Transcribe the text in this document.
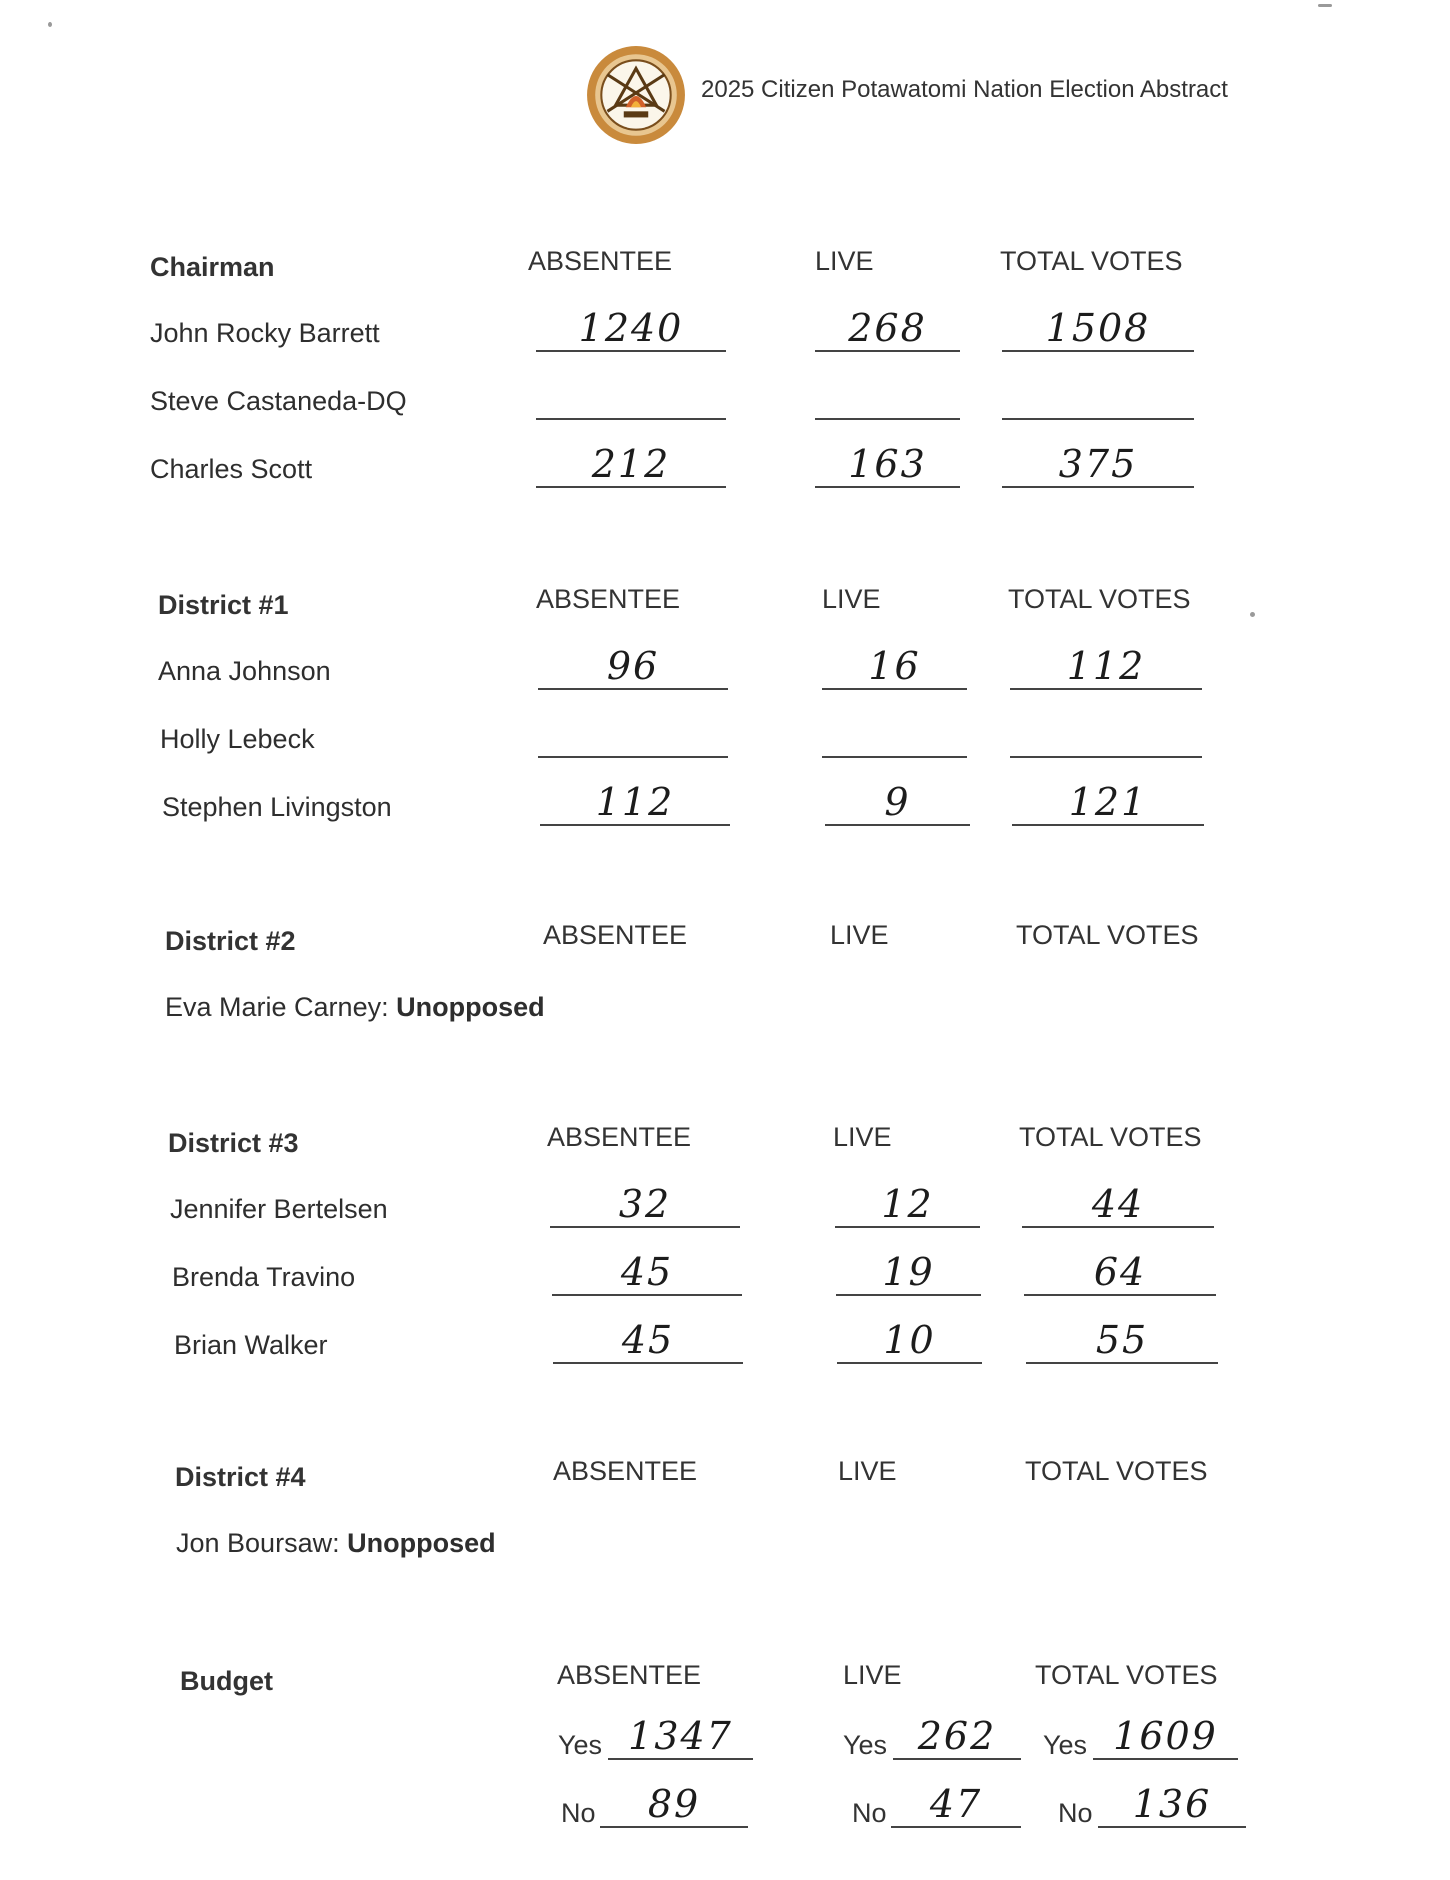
2025 Citizen Potawatomi Nation Election Abstract
Chairman	ABSENTEE	LIVE	TOTAL VOTES
John Rocky Barrett	1240	268	1508
Steve Castaneda-DQ
Charles Scott	212	163	375
District #1	ABSENTEE	LIVE	TOTAL VOTES
Anna Johnson	96	16	112
Holly Lebeck
Stephen Livingston	112	9	121
District #2	ABSENTEE	LIVE	TOTAL VOTES
Eva Marie Carney: Unopposed
District #3	ABSENTEE	LIVE	TOTAL VOTES
Jennifer Bertelsen	32	12	44
Brenda Travino	45	19	64
Brian Walker	45	10	55
District #4	ABSENTEE	LIVE	TOTAL VOTES
Jon Boursaw: Unopposed
Budget	ABSENTEE	LIVE	TOTAL VOTES
Yes 1347	Yes 262	Yes 1609
No	89	No	47	No	136
